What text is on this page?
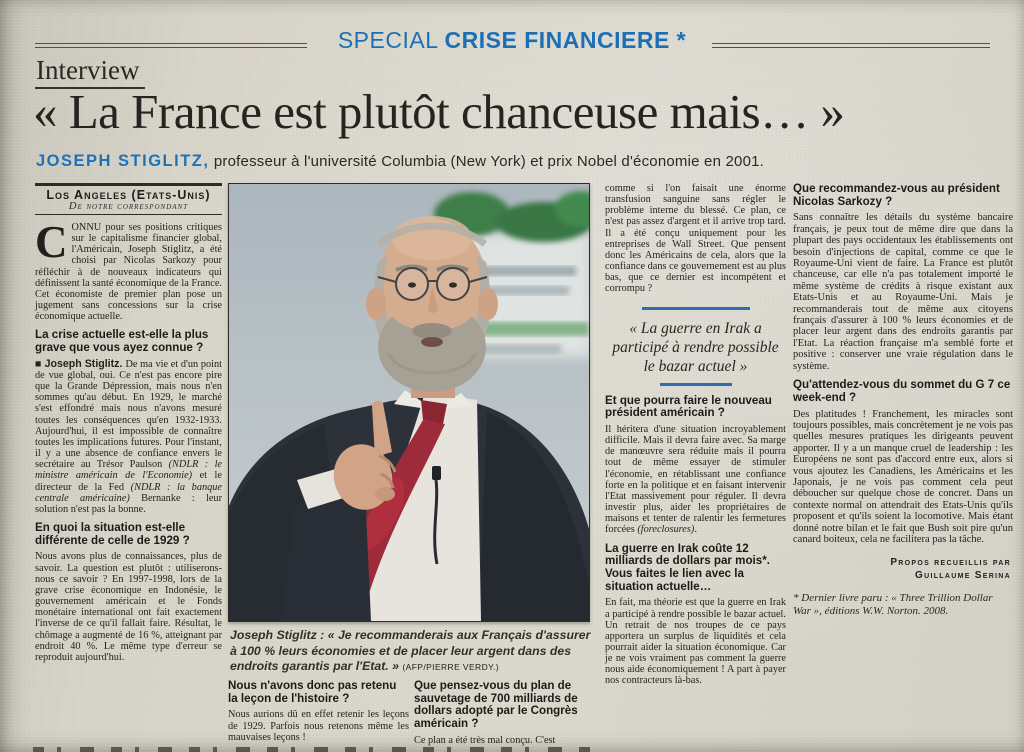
SPECIAL CRISE FINANCIERE *
Interview
« La France est plutôt chanceuse mais… »
JOSEPH STIGLITZ, professeur à l'université Columbia (New York) et prix Nobel d'économie en 2001.
Los Angeles (Etats-Unis)
De notre correspondant

CONNU pour ses positions critiques sur le capitalisme financier global, l'Américain, Joseph Stiglitz, a été choisi par Nicolas Sarkozy pour réfléchir à de nouveaux indicateurs qui définissent la santé économique de la France. Cet économiste de premier plan pose un jugement sans concessions sur la crise économique actuelle.

La crise actuelle est-elle la plus grave que vous ayez connue ?

■ Joseph Stiglitz. De ma vie et d'un point de vue global, oui. Ce n'est pas encore pire que la Grande Dépression, mais nous n'en sommes qu'au début. En 1929, le marché s'est effondré mais nous n'avons mesuré toutes les conséquences qu'en 1932-1933. Aujourd'hui, il est impossible de connaître toutes les implications futures. Pour l'instant, il y a une absence de confiance envers le secrétaire au Trésor Paulson (NDLR : le ministre américain de l'Economie) et le directeur de la Fed (NDLR : la banque centrale américaine) Bernanke : leur solution n'est pas la bonne.

En quoi la situation est-elle différente de celle de 1929 ?

Nous avons plus de connaissances, plus de savoir. La question est plutôt : utiliserons-nous ce savoir ? En 1997-1998, lors de la grave crise économique en Indonésie, le gouvernement américain et le Fonds monétaire international ont fait exactement l'inverse de ce qu'il fallait faire. Résultat, le chômage a augmenté de 16 %, atteignant par endroit 40 %. Le même type d'erreur se reproduit aujourd'hui.

Joseph Stiglitz : « Je recommanderais aux Français d'assurer à 100 % leurs économies et de placer leur argent dans des endroits garantis par l'Etat. » (AFP/PIERRE VERDY.)
Nous n'avons donc pas retenu la leçon de l'histoire ?

Nous aurions dû en effet retenir les leçons de 1929. Parfois nous retenons même les mauvaises leçons !

Que pensez-vous du plan de sauvetage de 700 milliards de dollars adopté par le Congrès américain ?

Ce plan a été très mal conçu. C'est

comme si l'on faisait une énorme transfusion sanguine sans régler le problème interne du blessé. Ce plan, ce n'est pas assez d'argent et il arrive trop tard. Il a été conçu uniquement pour les entreprises de Wall Street. Que pensent donc les Américains de cela, alors que la confiance dans ce gouvernement est au plus bas, que ce dernier est incompétent et corrompu ?

« La guerre en Irak a participé à rendre possible le bazar actuel »
Et que pourra faire le nouveau président américain ?

Il héritera d'une situation incroyablement difficile. Mais il devra faire avec. Sa marge de manœuvre sera réduite mais il pourra tout de même essayer de stimuler l'économie, en rétablissant une confiance forte en la politique et en faisant intervenir l'Etat massivement pour réguler. Il devra investir plus, aider les propriétaires de maisons et tenter de ralentir les fermetures forcées (foreclosures).

La guerre en Irak coûte 12 milliards de dollars par mois*. Vous faites le lien avec la situation actuelle…

En fait, ma théorie est que la guerre en Irak a participé à rendre possible le bazar actuel. Un retrait de nos troupes de ce pays apportera un surplus de liquidités et cela pourrait aider la situation économique. Car je ne vois vraiment pas comment la guerre nous aide économiquement ! A part à payer nos contracteurs là-bas.

Que recommandez-vous au président Nicolas Sarkozy ?

Sans connaître les détails du système bancaire français, je peux tout de même dire que dans la plupart des pays occidentaux les établissements ont besoin d'injections de capital, comme ce que le Royaume-Uni vient de faire. La France est plutôt chanceuse, car elle n'a pas totalement importé le même système de crédits à risque existant aux Etats-Unis et au Royaume-Uni. Mais je recommanderais tout de même aux citoyens français d'assurer à 100 % leurs économies et de placer leur argent dans des endroits garantis par l'Etat. La réaction française m'a semblé forte et positive : conserver une vraie régulation dans le système.

Qu'attendez-vous du sommet du G 7 ce week-end ?

Des platitudes ! Franchement, les miracles sont toujours possibles, mais concrètement je ne vois pas quelles mesures pratiques les dirigeants peuvent apporter. Il y a un manque cruel de leadership : les Européens ne sont pas d'accord entre eux, alors si vous ajoutez les Canadiens, les Américains et les Japonais, je ne vois pas comment cela peut déboucher sur quelque chose de concret. Dans un contexte normal on attendrait des Etats-Unis qu'ils proposent et qu'ils soient la locomotive. Mais étant donné notre bilan et le fait que Bush soit pire qu'un canard boiteux, cela ne facilitera pas la tâche.

Propos recueillis par
Guillaume Serina
* Dernier livre paru : « Three Trillion Dollar War », éditions W.W. Norton. 2008.
